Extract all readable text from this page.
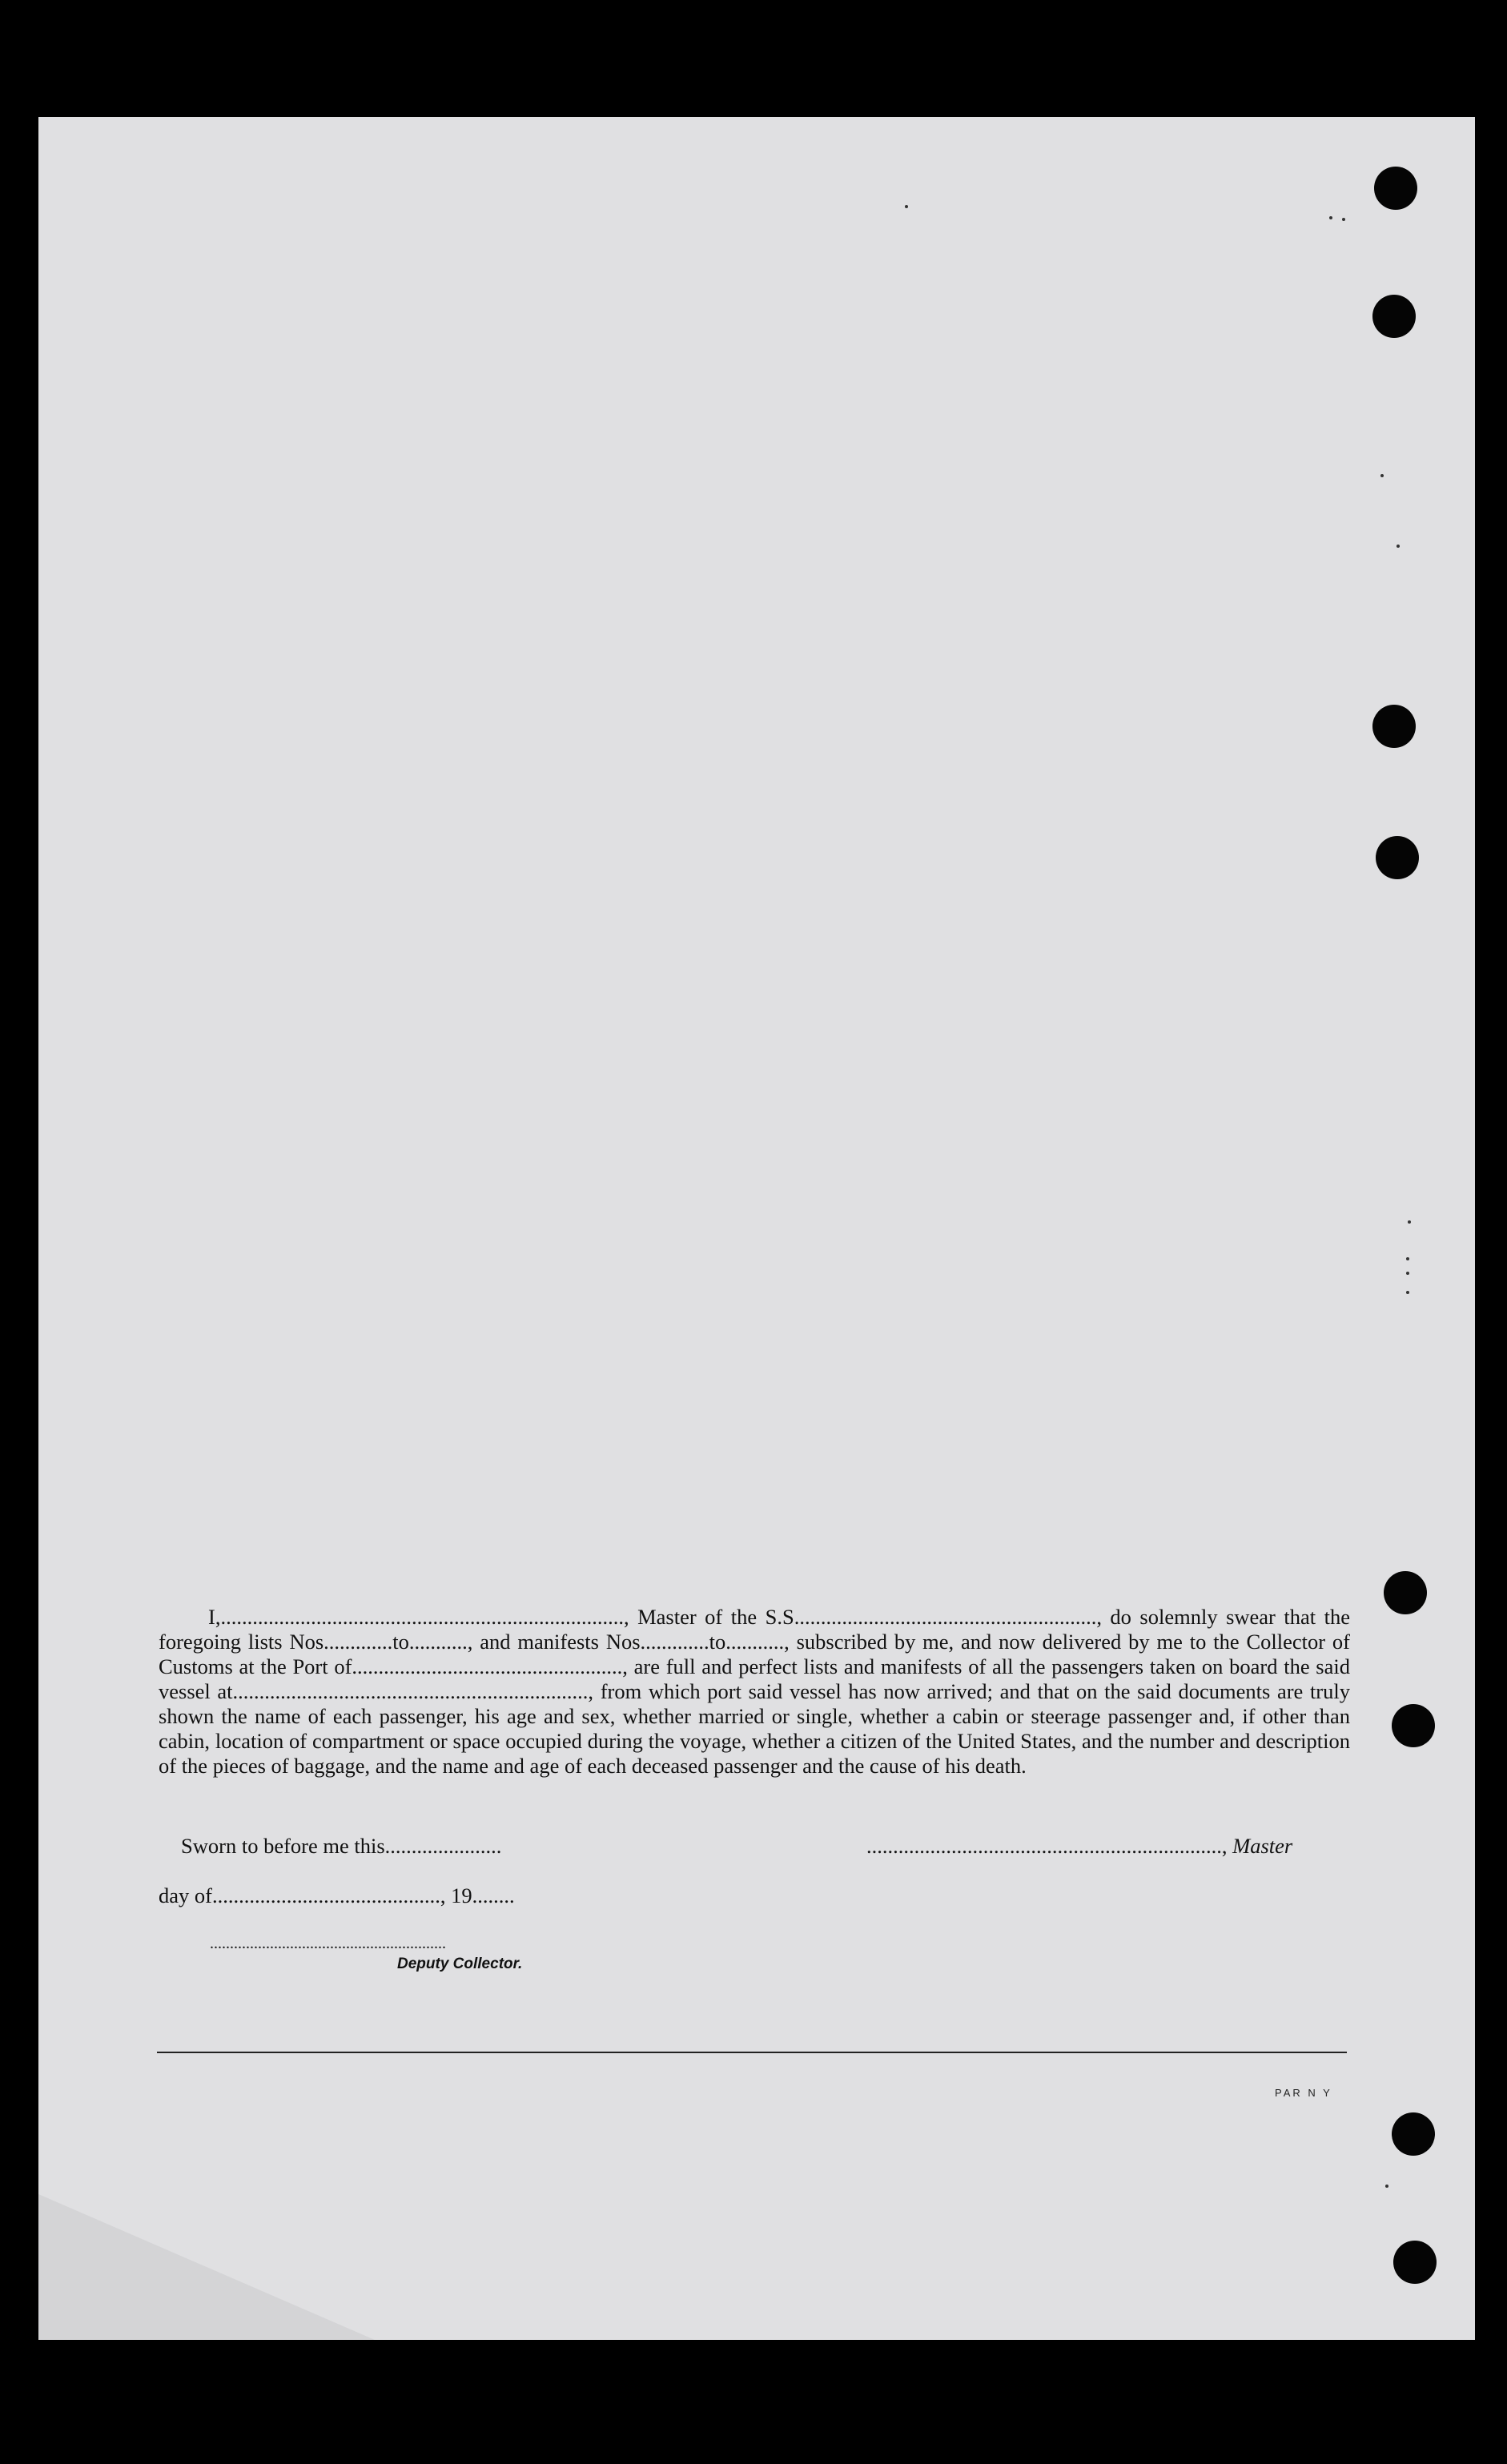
I,............................................................................, Master of the S.S........................................................., do solemnly swear that the foregoing lists Nos.............to..........., and manifests Nos.............to..........., subscribed by me, and now delivered by me to the Collector of Customs at the Port of..................................................., are full and perfect lists and manifests of all the passengers taken on board the said vessel at..................................................................., from which port said vessel has now arrived; and that on the said documents are truly shown the name of each passenger, his age and sex, whether married or single, whether a cabin or steerage passenger and, if other than cabin, location of compartment or space occupied during the voyage, whether a citizen of the United States, and the number and description of the pieces of baggage, and the name and age of each deceased passenger and the cause of his death.
Sworn to before me this......................	..................................................................., Master
day of..........................................., 19........
...........................................................
Deputy Collector.
PAR N Y
